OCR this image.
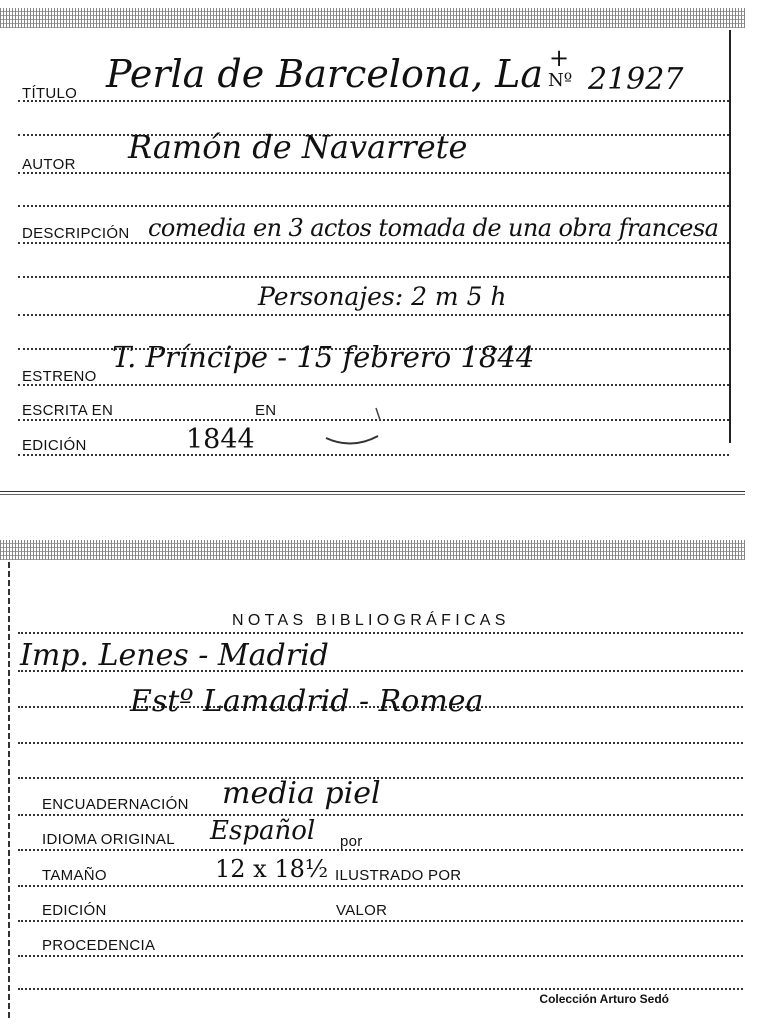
TÍTULO Perla de Barcelona, La Nº
+
21927
AUTOR Ramón de Navarrete
DESCRIPCIÓN comedia en 3 actos tomada de una obra francesa
Personajes: 2 m 5 h
ESTRENO
T. Príncipe - 15 febrero 1844
ESCRITA EN	EN
EDICIÓN	1844
NOTAS BIBLIOGRÁFICAS
Imp. Lenes - Madrid
Estº Lamadrid - Romea
ENCUADERNACIÓN media piel
IDIOMA ORIGINAL Español por
TAMAÑO	12 x 18½ ILUSTRADO POR
EDICIÓN	VALOR
PROCEDENCIA
Colección Arturo Sedó
